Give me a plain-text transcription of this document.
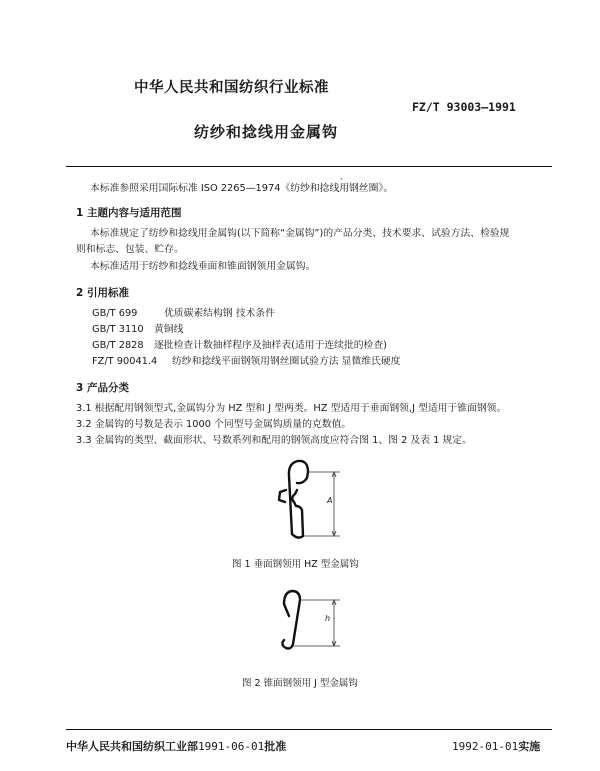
中华人民共和国纺织行业标准
FZ/T 93003—1991
纺纱和捻线用金属钩
、
本标准参照采用国际标准 ISO 2265—1974《纺纱和捻线用钢丝圈》。
1 主题内容与适用范围
本标准规定了纺纱和捻线用金属钩(以下简称“金属钩”)的产品分类、技术要求、试验方法、检验规
则和标志、包装、贮存。
本标准适用于纺纱和捻线垂面和锥面钢领用金属钩。
2 引用标准
GB/T 699	优质碳素结构钢 技术条件
GB/T 3110 黄铜线
GB/T 2828 逐批检查计数抽样程序及抽样表(适用于连续批的检查)
FZ/T 90041.4 纺纱和捻线平面钢领用钢丝圈试验方法 显微维氏硬度
3 产品分类
3.1 根据配用钢领型式,金属钩分为 HZ 型和 J 型两类。HZ 型适用于垂面钢领,J 型适用于锥面钢领。
3.2 金属钩的号数是表示 1000 个同型号金属钩质量的克数值。
3.3 金属钩的类型、截面形状、号数系列和配用的钢领高度应符合图 1、图 2 及表 1 规定。
A
图 1 垂面钢领用 HZ 型金属钩
h
图 2 锥面钢领用 J 型金属钩
中华人民共和国纺织工业部1991-06-01批准	1992-01-01实施
